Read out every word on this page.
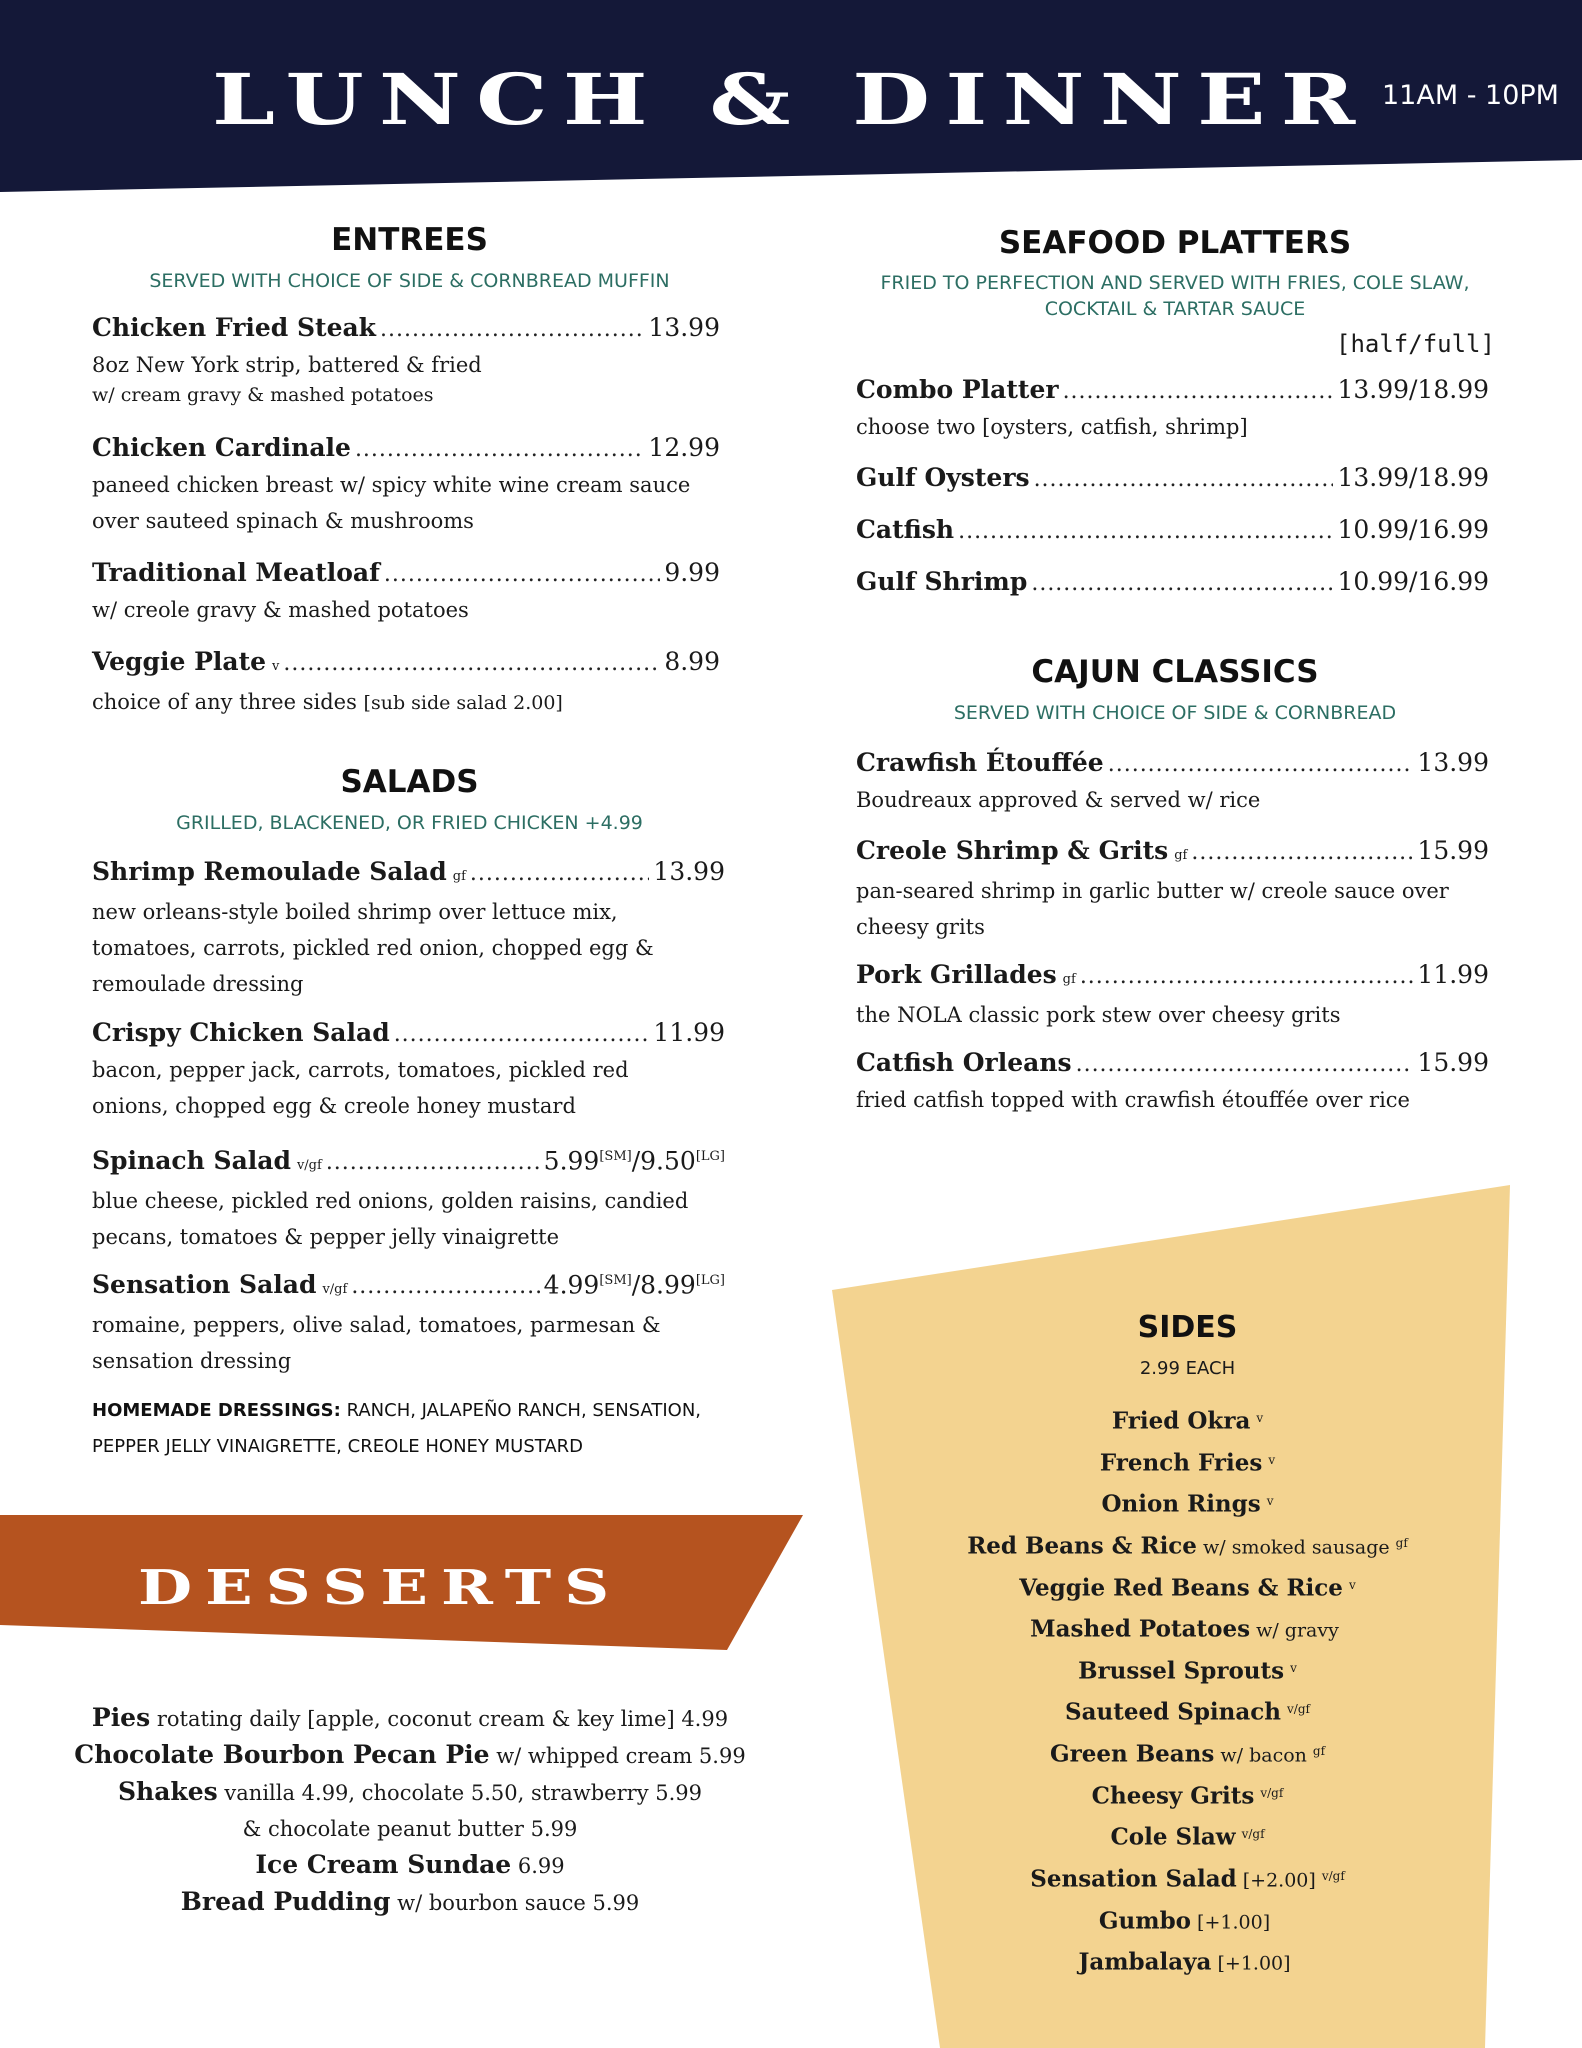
LUNCH & DINNER 11AM - 10PM
ENTREES
SERVED WITH CHOICE OF SIDE & CORNBREAD MUFFIN
Chicken Fried Steak .....	13.99
8oz New York strip, battered & fried
w/ cream gravy & mashed potatoes
Chicken Cardinale .....	12.99
paneed chicken breast w/ spicy white wine cream sauce
over sauteed spinach & mushrooms
Traditional Meatloaf .....	9.99
w/ creole gravy & mashed potatoes
Veggie Plate v .....	8.99
choice of any three sides [sub side salad 2.00]
SALADS
GRILLED, BLACKENED, OR FRIED CHICKEN +4.99
Shrimp Remoulade Salad gf .....	13.99
new orleans-style boiled shrimp over lettuce mix,
tomatoes, carrots, pickled red onion, chopped egg &
remoulade dressing
Crispy Chicken Salad .....	11.99
bacon, pepper jack, carrots, tomatoes, pickled red
onions, chopped egg & creole honey mustard
Spinach Salad v/gf .....	5.99[SM]/9.50[LG]
blue cheese, pickled red onions, golden raisins, candied
pecans, tomatoes & pepper jelly vinaigrette
Sensation Salad v/gf .....	4.99[SM]/8.99[LG]
romaine, peppers, olive salad, tomatoes, parmesan &
sensation dressing
HOMEMADE DRESSINGS: RANCH, JALAPEÑO RANCH, SENSATION,
PEPPER JELLY VINAIGRETTE, CREOLE HONEY MUSTARD
SEAFOOD PLATTERS
FRIED TO PERFECTION AND SERVED WITH FRIES, COLE SLAW,
COCKTAIL & TARTAR SAUCE
[half/full]
Combo Platter .....	13.99/18.99
choose two [oysters, catfish, shrimp]
Gulf Oysters .....	13.99/18.99
Catfish .....	10.99/16.99
Gulf Shrimp .....	10.99/16.99
CAJUN CLASSICS
SERVED WITH CHOICE OF SIDE & CORNBREAD
Crawfish Étouffée .....	13.99
Boudreaux approved & served w/ rice
Creole Shrimp & Grits gf .....	15.99
pan-seared shrimp in garlic butter w/ creole sauce over
cheesy grits
Pork Grillades gf .....	11.99
the NOLA classic pork stew over cheesy grits
Catfish Orleans .....	15.99
fried catfish topped with crawfish étouffée over rice
SIDES
2.99 EACH
Fried Okra $^v$
French Fries $^v$
Onion Rings $^v$
Red Beans & Rice w/ smoked sausage $^{gf}$
Veggie Red Beans & Rice $^v$
Mashed Potatoes w/ gravy
Brussel Sprouts $^v$
Sauteed Spinach $^{v/gf}$
Green Beans w/ bacon $^{gf}$
Cheesy Grits $^{v/gf}$
Cole Slaw $^{v/gf}$
Sensation Salad [+2.00] $^{v/gf}$
Gumbo [+1.00]
Jambalaya [+1.00]
DESSERTS
Pies rotating daily [apple, coconut cream & key lime] 4.99
Chocolate Bourbon Pecan Pie w/ whipped cream 5.99
Shakes vanilla 4.99, chocolate 5.50, strawberry 5.99
& chocolate peanut butter 5.99
Ice Cream Sundae 6.99
Bread Pudding w/ bourbon sauce 5.99
